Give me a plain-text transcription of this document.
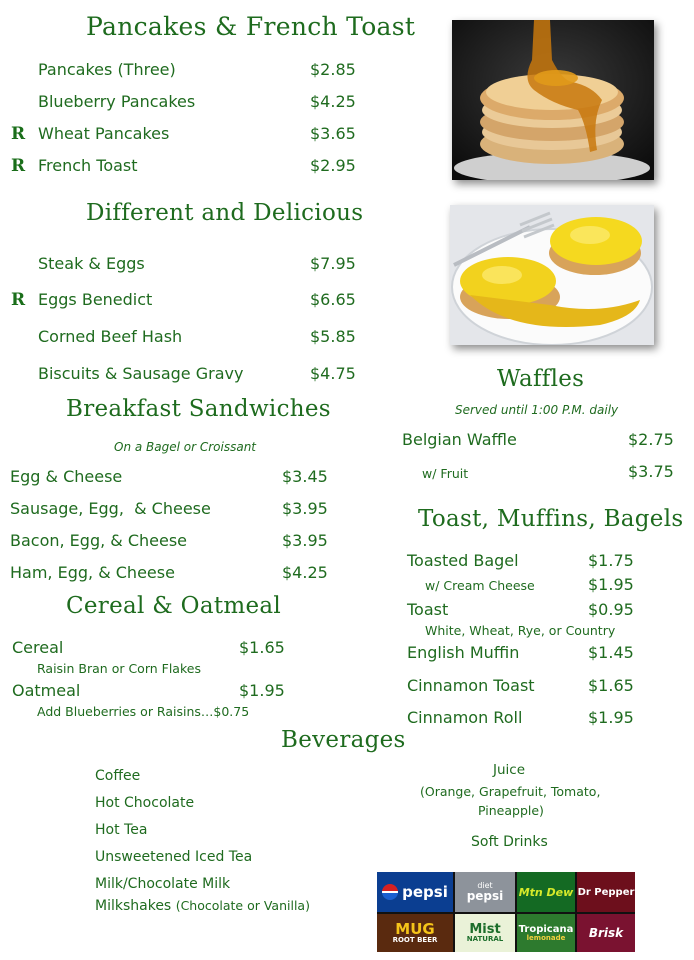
Pancakes & French Toast
Pancakes (Three)	$2.85
Blueberry Pancakes	$4.25
R Wheat Pancakes	$3.65
R French Toast	$2.95
Different and Delicious
Steak & Eggs	$7.95
R Eggs Benedict	$6.65
Corned Beef Hash	$5.85
Biscuits & Sausage Gravy	$4.75
Breakfast Sandwiches
On a Bagel or Croissant
Egg & Cheese	$3.45
Sausage, Egg,  & Cheese	$3.95
Bacon, Egg, & Cheese	$3.95
Ham, Egg, & Cheese	$4.25
Cereal & Oatmeal
Cereal	$1.65
Raisin Bran or Corn Flakes
Oatmeal	$1.95
Add Blueberries or Raisins…$0.75
Waffles
Served until 1:00 P.M. daily
Belgian Waffle	$2.75
w/ Fruit	$3.75
Toast, Muffins, Bagels
Toasted Bagel	$1.75
w/ Cream Cheese	$1.95
Toast	$0.95
White, Wheat, Rye, or Country
English Muffin	$1.45
Cinnamon Toast	$1.65
Cinnamon Roll	$1.95
Beverages
Coffee
Hot Chocolate
Hot Tea
Unsweetened Iced Tea
Milk/Chocolate Milk
Milkshakes (Chocolate or Vanilla)
Juice
(Orange, Grapefruit, Tomato,
Pineapple)
Soft Drinks
pepsi	diet
pepsi Mtn Dew Dr Pepper
MUG
ROOT BEER
Mist
NATURAL
Tropicana
lemonade	Brisk
